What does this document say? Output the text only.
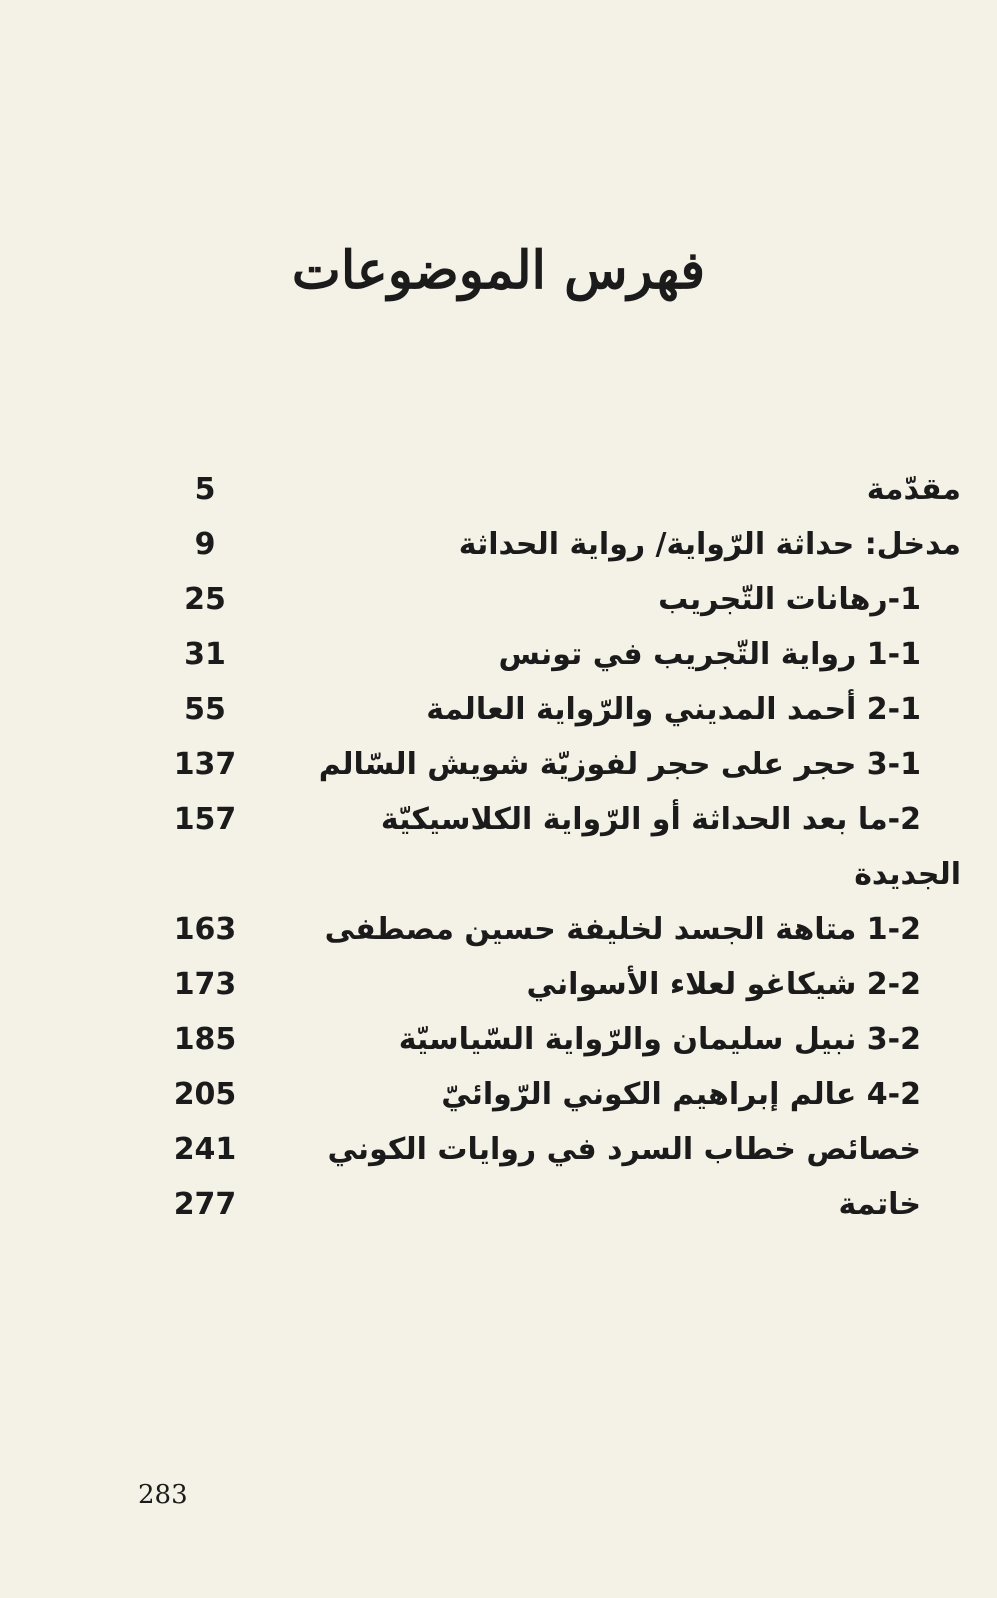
فهرس الموضوعات
مقدّمة
5
مدخل: حداثة الرّواية/ رواية الحداثة
9
1-رهانات التّجريب
25
1-1 رواية التّجريب في تونس
31
2-1 أحمد المديني والرّواية العالمة
55
3-1 حجر على حجر لفوزيّة شويش السّالم
137
2-ما بعد الحداثة أو الرّواية الكلاسيكيّة
157
الجديدة
1-2 متاهة الجسد لخليفة حسين مصطفى
163
2-2 شيكاغو لعلاء الأسواني
173
3-2 نبيل سليمان والرّواية السّياسيّة
185
4-2 عالم إبراهيم الكوني الرّوائيّ
205
خصائص خطاب السرد في روايات الكوني
241
خاتمة
277
283
